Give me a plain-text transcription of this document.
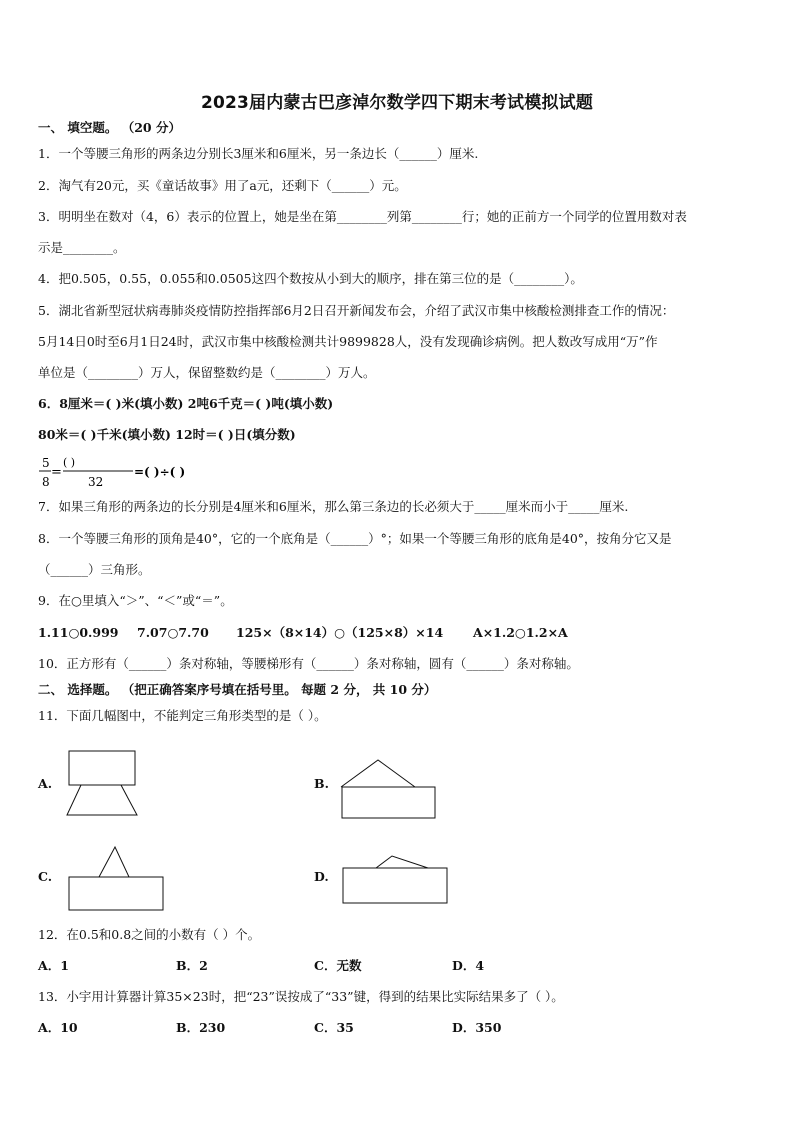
2023届内蒙古巴彦淖尔数学四下期末考试模拟试题
一、 填空题。 （20 分）
1．一个等腰三角形的两条边分别长3厘米和6厘米，另一条边长（______）厘米.
2．淘气有20元，买《童话故事》用了a元，还剩下（______）元。
3．明明坐在数对（4，6）表示的位置上，她是坐在第________列第________行；她的正前方一个同学的位置用数对表
示是________。
4．把0.505，0.55，0.055和0.0505这四个数按从小到大的顺序，排在第三位的是（________）。
5．湖北省新型冠状病毒肺炎疫情防控指挥部6月2日召开新闻发布会，介绍了武汉市集中核酸检测排查工作的情况：
5月14日0时至6月1日24时，武汉市集中核酸检测共计9899828人，没有发现确诊病例。把人数改写成用“万”作
单位是（________）万人，保留整数约是（________）万人。
6．8厘米＝( )米(填小数) 2吨6千克＝( )吨(填小数)
80米＝( )千米(填小数) 12时＝( )日(填分数)
5
8
=
( )
32
=( )÷( )
7．如果三角形的两条边的长分别是4厘米和6厘米，那么第三条边的长必须大于_____厘米而小于_____厘米.
8．一个等腰三角形的顶角是40°，它的一个底角是（______）°；如果一个等腰三角形的底角是40°，按角分它又是
（______）三角形。
9．在○里填入“＞”、“＜”或“＝”。
1.11○0.999 7.07○7.70 125×（8×14）○（125×8）×14 A×1.2○1.2×A
10．正方形有（______）条对称轴，等腰梯形有（______）条对称轴，圆有（______）条对称轴。
二、 选择题。 （把正确答案序号填在括号里。 每题 2 分， 共 10 分）
11．下面几幅图中，不能判定三角形类型的是（ ）。
A.	B.
C.	D.
12．在0.5和0.8之间的小数有（ ）个。
A．1	B．2	C．无数	D．4
13．小宇用计算器计算35×23时，把“23”误按成了“33”键，得到的结果比实际结果多了（ ）。
A．10	B．230	C．35	D．350
